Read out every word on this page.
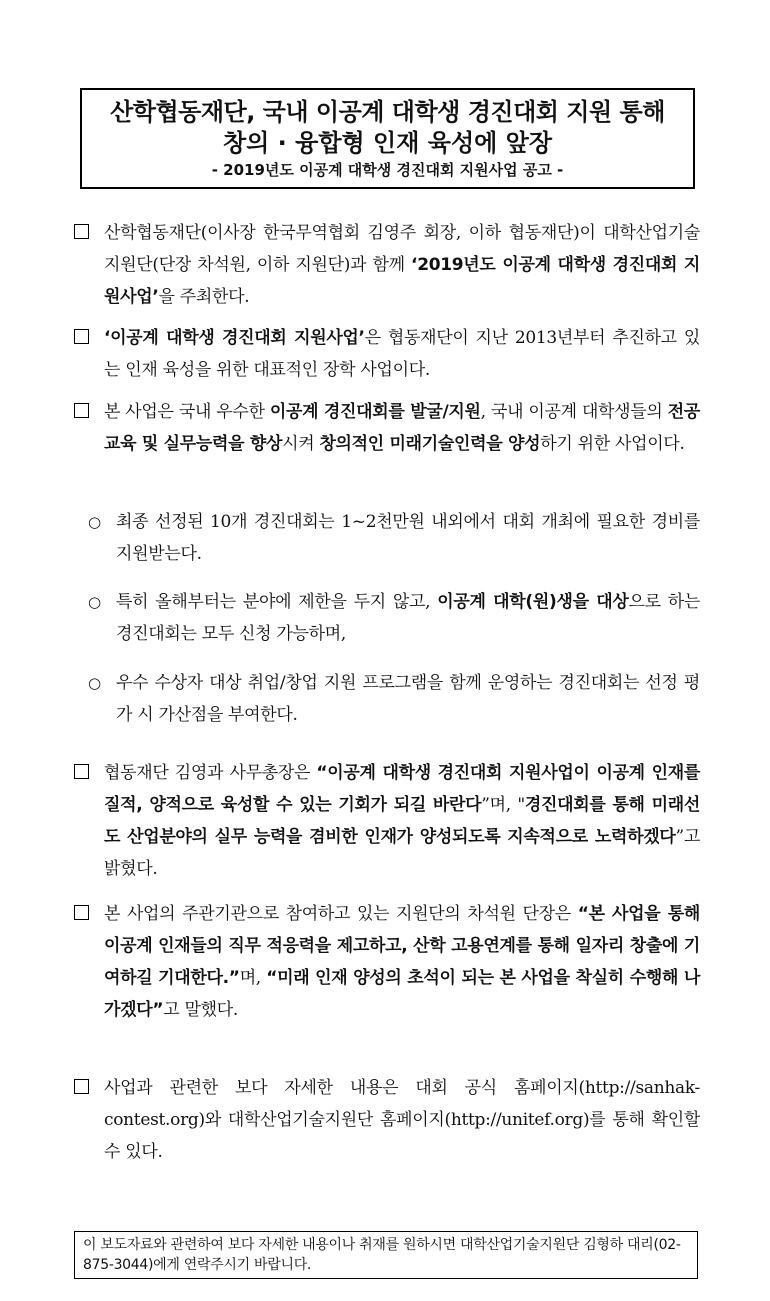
산학협동재단, 국내 이공계 대학생 경진대회 지원 통해
창의 · 융합형 인재 육성에 앞장
- 2019년도 이공계 대학생 경진대회 지원사업 공고 -
산학협동재단(이사장 한국무역협회 김영주 회장, 이하 협동재단)이 대학산업기술지원단(단장 차석원, 이하 지원단)과 함께 ‘2019년도 이공계 대학생 경진대회 지원사업’을 주최한다.
‘이공계 대학생 경진대회 지원사업’은 협동재단이 지난 2013년부터 추진하고 있는 인재 육성을 위한 대표적인 장학 사업이다.
본 사업은 국내 우수한 이공계 경진대회를 발굴/지원, 국내 이공계 대학생들의 전공교육 및 실무능력을 향상시켜 창의적인 미래기술인력을 양성하기 위한 사업이다.
○ 최종 선정된 10개 경진대회는 1~2천만원 내외에서 대회 개최에 필요한 경비를 지원받는다.
○ 특히 올해부터는 분야에 제한을 두지 않고, 이공계 대학(원)생을 대상으로 하는 경진대회는 모두 신청 가능하며,
○ 우수 수상자 대상 취업/창업 지원 프로그램을 함께 운영하는 경진대회는 선정 평가 시 가산점을 부여한다.
협동재단 김영과 사무총장은 “이공계 대학생 경진대회 지원사업이 이공계 인재를 질적, 양적으로 육성할 수 있는 기회가 되길 바란다”며, "경진대회를 통해 미래선도 산업분야의 실무 능력을 겸비한 인재가 양성되도록 지속적으로 노력하겠다”고 밝혔다.
본 사업의 주관기관으로 참여하고 있는 지원단의 차석원 단장은 “본 사업을 통해 이공계 인재들의 직무 적응력을 제고하고, 산학 고용연계를 통해 일자리 창출에 기여하길 기대한다.”며, “미래 인재 양성의 초석이 되는 본 사업을 착실히 수행해 나가겠다”고 말했다.
사업과 관련한 보다 자세한 내용은 대회 공식 홈페이지(http://sanhak-contest.org)와 대학산업기술지원단 홈페이지(http://unitef.org)를 통해 확인할 수 있다.
이 보도자료와 관련하여 보다 자세한 내용이나 취재를 원하시면 대학산업기술지원단 김형하 대리(02-875-3044)에게 연락주시기 바랍니다.
